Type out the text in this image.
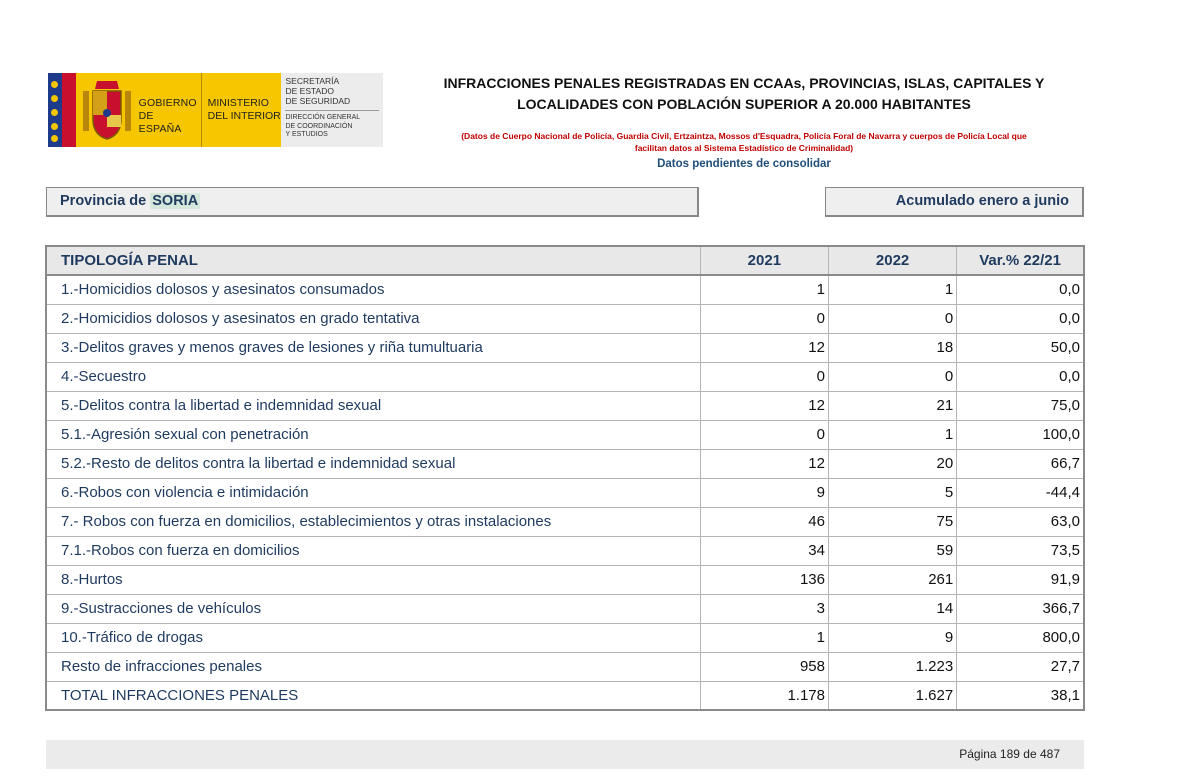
GOBIERNO
DE ESPAÑA
MINISTERIO
DEL INTERIOR
SECRETARÍA
DE ESTADO
DE SEGURIDAD
DIRECCIÓN GENERAL
DE COORDINACIÓN
Y ESTUDIOS
INFRACCIONES PENALES REGISTRADAS EN CCAAs, PROVINCIAS, ISLAS, CAPITALES Y
LOCALIDADES CON POBLACIÓN SUPERIOR A 20.000 HABITANTES
(Datos de Cuerpo Nacional de Policía, Guardia Civil, Ertzaintza, Mossos d'Esquadra, Policía Foral de Navarra y cuerpos de Policía Local que
facilitan datos al Sistema Estadístico de Criminalidad)
Datos pendientes de consolidar
Provincia de SORIA	Acumulado enero a junio
TIPOLOGÍA PENAL	2021	2022	Var.% 22/21
1.-Homicidios dolosos y asesinatos consumados	1	1	0,0
2.-Homicidios dolosos y asesinatos en grado tentativa	0	0	0,0
3.-Delitos graves y menos graves de lesiones y riña tumultuaria	12	18	50,0
4.-Secuestro	0	0	0,0
5.-Delitos contra la libertad e indemnidad sexual	12	21	75,0
5.1.-Agresión sexual con penetración	0	1	100,0
5.2.-Resto de delitos contra la libertad e indemnidad sexual	12	20	66,7
6.-Robos con violencia e intimidación	9	5	-44,4
7.- Robos con fuerza en domicilios, establecimientos y otras instalaciones	46	75	63,0
7.1.-Robos con fuerza en domicilios	34	59	73,5
8.-Hurtos	136	261	91,9
9.-Sustracciones de vehículos	3	14	366,7
10.-Tráfico de drogas	1	9	800,0
Resto de infracciones penales	958	1.223	27,7
TOTAL INFRACCIONES PENALES	1.178	1.627	38,1
Página 189 de 487
